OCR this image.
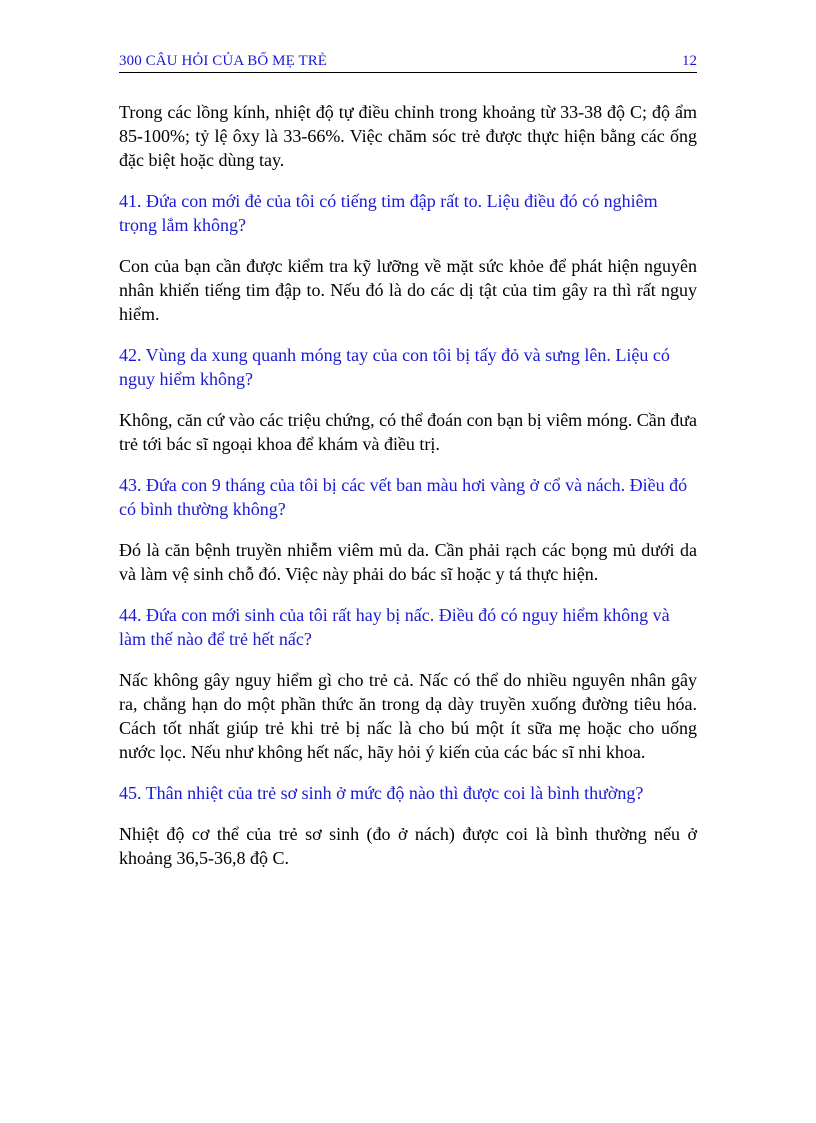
300 CÂU HỎI CỦA BỐ MẸ TRẺ	12

Trong các lồng kính, nhiệt độ tự điều chỉnh trong khoảng từ 33-38 độ C; độ ẩm 85-100%; tỷ lệ ôxy là 33-66%. Việc chăm sóc trẻ được thực hiện bằng các ống đặc biệt hoặc dùng tay.

41. Đứa con mới đẻ của tôi có tiếng tim đập rất to. Liệu điều đó có nghiêm trọng lắm không?

Con của bạn cần được kiểm tra kỹ lưỡng về mặt sức khỏe để phát hiện nguyên nhân khiến tiếng tim đập to. Nếu đó là do các dị tật của tim gây ra thì rất nguy hiểm.

42. Vùng da xung quanh móng tay của con tôi bị tấy đỏ và sưng lên. Liệu có nguy hiểm không?

Không, căn cứ vào các triệu chứng, có thể đoán con bạn bị viêm móng. Cần đưa trẻ tới bác sĩ ngoại khoa để khám và điều trị.

43. Đứa con 9 tháng của tôi bị các vết ban màu hơi vàng ở cổ và nách. Điều đó có bình thường không?

Đó là căn bệnh truyền nhiễm viêm mủ da. Cần phải rạch các bọng mủ dưới da và làm vệ sinh chỗ đó. Việc này phải do bác sĩ hoặc y tá thực hiện.

44. Đứa con mới sinh của tôi rất hay bị nấc. Điều đó có nguy hiểm không và làm thế nào để trẻ hết nấc?

Nấc không gây nguy hiểm gì cho trẻ cả. Nấc có thể do nhiều nguyên nhân gây ra, chẳng hạn do một phần thức ăn trong dạ dày truyền xuống đường tiêu hóa. Cách tốt nhất giúp trẻ khi trẻ bị nấc là cho bú một ít sữa mẹ hoặc cho uống nước lọc. Nếu như không hết nấc, hãy hỏi ý kiến của các bác sĩ nhi khoa.

45. Thân nhiệt của trẻ sơ sinh ở mức độ nào thì được coi là bình thường?

Nhiệt độ cơ thể của trẻ sơ sinh (đo ở nách) được coi là bình thường nếu ở khoảng 36,5-36,8 độ C.
